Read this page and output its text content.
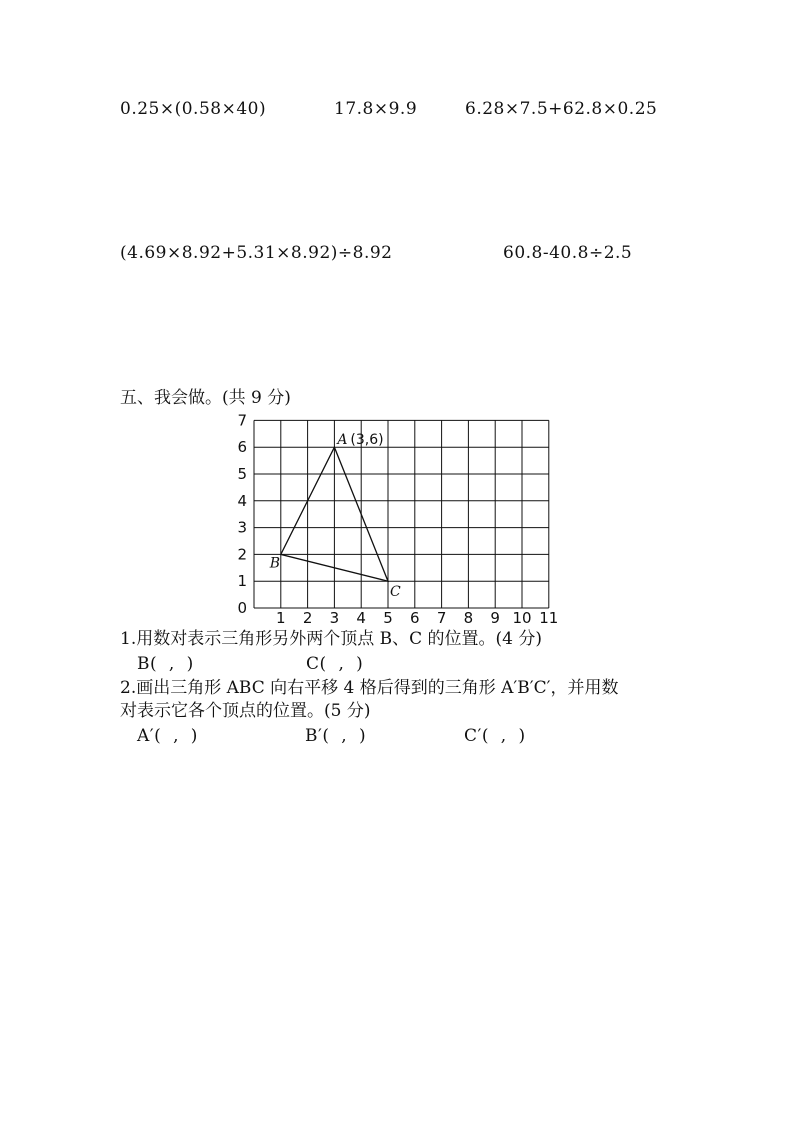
0.25×(0.58×40)	17.8×9.9	6.28×7.5+62.8×0.25
(4.69×8.92+5.31×8.92)÷8.92	60.8-40.8÷2.5
五、我会做。(共 9 分)
1 2 3 4 5 6 7 8 9 10 11
0
1
2
3
4
5
6
7
A (3,6)
B
C
1.用数对表示三角形另外两个顶点 B、C 的位置。(4 分)
B(  ,  )	C(  ,  )
2.画出三角形 ABC 向右平移 4 格后得到的三角形 A′B′C′，并用数
对表示它各个顶点的位置。(5 分)
A′(  ,  )	B′(  ,  )	C′(  ,  )
